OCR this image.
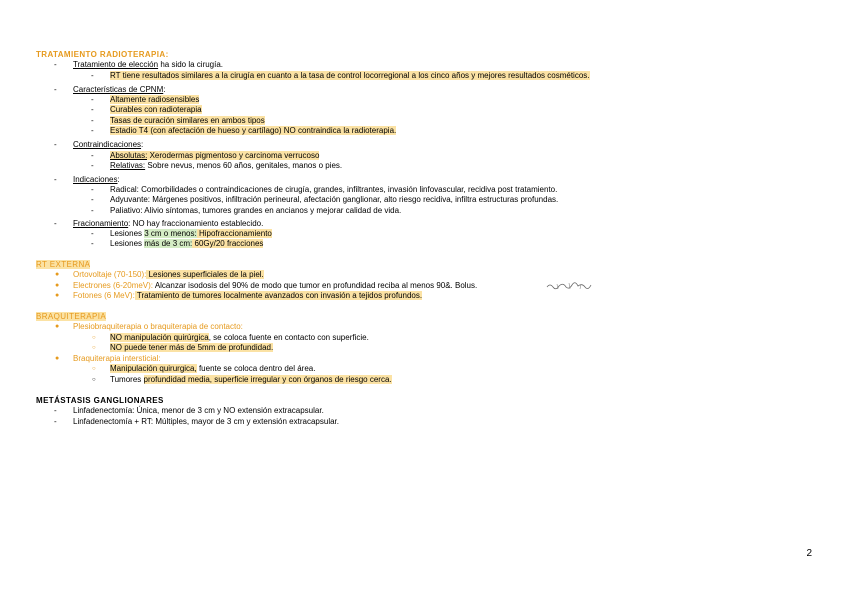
TRATAMIENTO RADIOTERAPIA:
- Tratamiento de elección ha sido la cirugía.
- RT tiene resultados similares a la cirugía en cuanto a la tasa de control locorregional a los cinco años y mejores resultados cosméticos.
- Características de CPNM:
- Altamente radiosensibles
- Curables con radioterapia
- Tasas de curación similares en ambos tipos
- Estadio T4 (con afectación de hueso y cartílago) NO contraindica la radioterapia.
- Contraindicaciones:
- Absolutas: Xerodermas pigmentoso y carcinoma verrucoso
- Relativas: Sobre nevus, menos 60 años, genitales, manos o pies.
- Indicaciones:
- Radical: Comorbilidades o contraindicaciones de cirugía, grandes, infiltrantes, invasión linfovascular, recidiva post tratamiento.
- Adyuvante: Márgenes positivos, infiltración perineural, afectación ganglionar, alto riesgo recidiva, infiltra estructuras profundas.
- Paliativo: Alivio síntomas, tumores grandes en ancianos y mejorar calidad de vida.
- Fracionamiento: NO hay fraccionamiento establecido.
- Lesiones 3 cm o menos: Hipofraccionamiento
- Lesiones más de 3 cm: 60Gy/20 fracciones
RT EXTERNA
● Ortovoltaje (70-150): Lesiones superficiales de la piel.
● Electrones (6-20meV): Alcanzar isodosis del 90% de modo que tumor en profundidad reciba al menos 90&. Bolus.
● Fotones (6 MeV): Tratamiento de tumores localmente avanzados con invasión a tejidos profundos.
BRAQUITERAPIA
● Plesiobraquiterapia o braquiterapia de contacto:
○ NO manipulación quirúrgica, se coloca fuente en contacto con superficie.
○ NO puede tener más de 5mm de profundidad.
● Braquiterapia intersticial:
○ Manipulación quirurgica, fuente se coloca dentro del área.
○ Tumores profundidad media, superficie irregular y con órganos de riesgo cerca.
METÁSTASIS GANGLIONARES
- Linfadenectomía: Única, menor de 3 cm y NO extensión extracapsular.
- Linfadenectomía + RT: Múltiples, mayor de 3 cm y extensión extracapsular.
2
